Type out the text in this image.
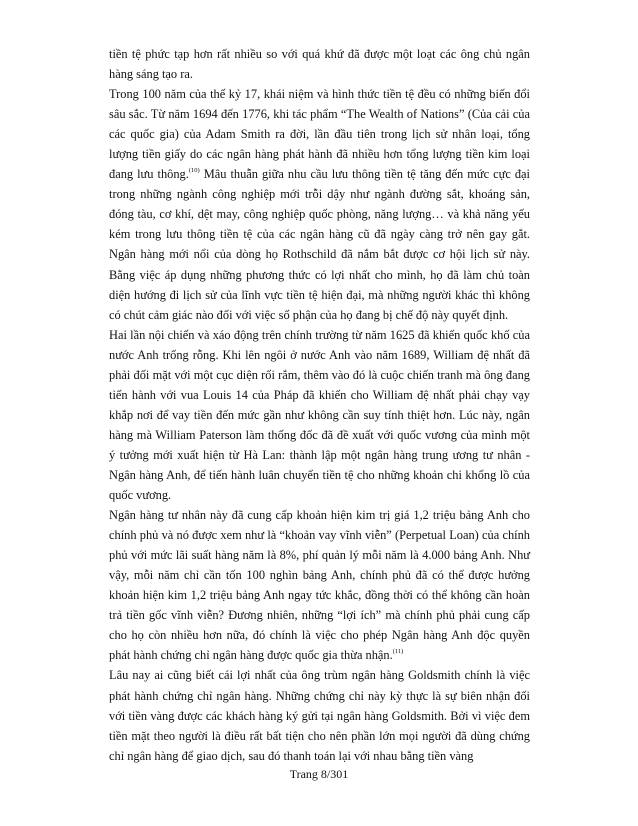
tiền tệ phức tạp hơn rất nhiều so với quá khứ đã được một loạt các ông chủ ngân hàng sáng tạo ra.

Trong 100 năm của thế kỷ 17, khái niệm và hình thức tiền tệ đều có những biến đổi sâu sắc. Từ năm 1694 đến 1776, khi tác phẩm “The Wealth of Nations” (Của cải của các quốc gia) của Adam Smith ra đời, lần đầu tiên trong lịch sử nhân loại, tổng lượng tiền giấy do các ngân hàng phát hành đã nhiều hơn tổng lượng tiền kim loại đang lưu thông.$^{(10)}$ Mâu thuẫn giữa nhu cầu lưu thông tiền tệ tăng đến mức cực đại trong những ngành công nghiệp mới trỗi dậy như ngành đường sắt, khoáng sản, đóng tàu, cơ khí, dệt may, công nghiệp quốc phòng, năng lượng… và khả năng yếu kém trong lưu thông tiền tệ của các ngân hàng cũ đã ngày càng trở nên gay gắt. Ngân hàng mới nổi của dòng họ Rothschild đã nắm bắt được cơ hội lịch sử này. Bằng việc áp dụng những phương thức có lợi nhất cho mình, họ đã làm chủ toàn diện hướng đi lịch sử của lĩnh vực tiền tệ hiện đại, mà những người khác thì không có chút cảm giác nào đối với việc số phận của họ đang bị chế độ này quyết định.

Hai lần nội chiến và xáo động trên chính trường từ năm 1625 đã khiến quốc khố của nước Anh trống rỗng. Khi lên ngôi ở nước Anh vào năm 1689, William đệ nhất đã phải đối mặt với một cục diện rối rắm, thêm vào đó là cuộc chiến tranh mà ông đang tiến hành với vua Louis 14 của Pháp đã khiến cho William đệ nhất phải chạy vạy khắp nơi để vay tiền đến mức gần như không cần suy tính thiệt hơn. Lúc này, ngân hàng mà William Paterson làm thống đốc đã đề xuất với quốc vương của mình một ý tưởng mới xuất hiện từ Hà Lan: thành lập một ngân hàng trung ương tư nhân - Ngân hàng Anh, để tiến hành luân chuyển tiền tệ cho những khoản chi khổng lồ của quốc vương.

Ngân hàng tư nhân này đã cung cấp khoản hiện kim trị giá 1,2 triệu bảng Anh cho chính phủ và nó được xem như là “khoản vay vĩnh viễn” (Perpetual Loan) của chính phủ với mức lãi suất hàng năm là 8%, phí quản lý mỗi năm là 4.000 bảng Anh. Như vậy, mỗi năm chỉ cần tốn 100 nghìn bảng Anh, chính phủ đã có thể được hưởng khoản hiện kim 1,2 triệu bảng Anh ngay tức khắc, đồng thời có thể không cần hoàn trả tiền gốc vĩnh viễn? Đương nhiên, những “lợi ích” mà chính phủ phải cung cấp cho họ còn nhiều hơn nữa, đó chính là việc cho phép Ngân hàng Anh độc quyền phát hành chứng chỉ ngân hàng được quốc gia thừa nhận.$^{(11)}$

Lâu nay ai cũng biết cái lợi nhất của ông trùm ngân hàng Goldsmith chính là việc phát hành chứng chỉ ngân hàng. Những chứng chỉ này kỳ thực là sự biên nhận đối với tiền vàng được các khách hàng ký gửi tại ngân hàng Goldsmith. Bởi vì việc đem tiền mặt theo người là điều rất bất tiện cho nên phần lớn mọi người đã dùng chứng chỉ ngân hàng để giao dịch, sau đó thanh toán lại với nhau bằng tiền vàng

Trang 8/301
